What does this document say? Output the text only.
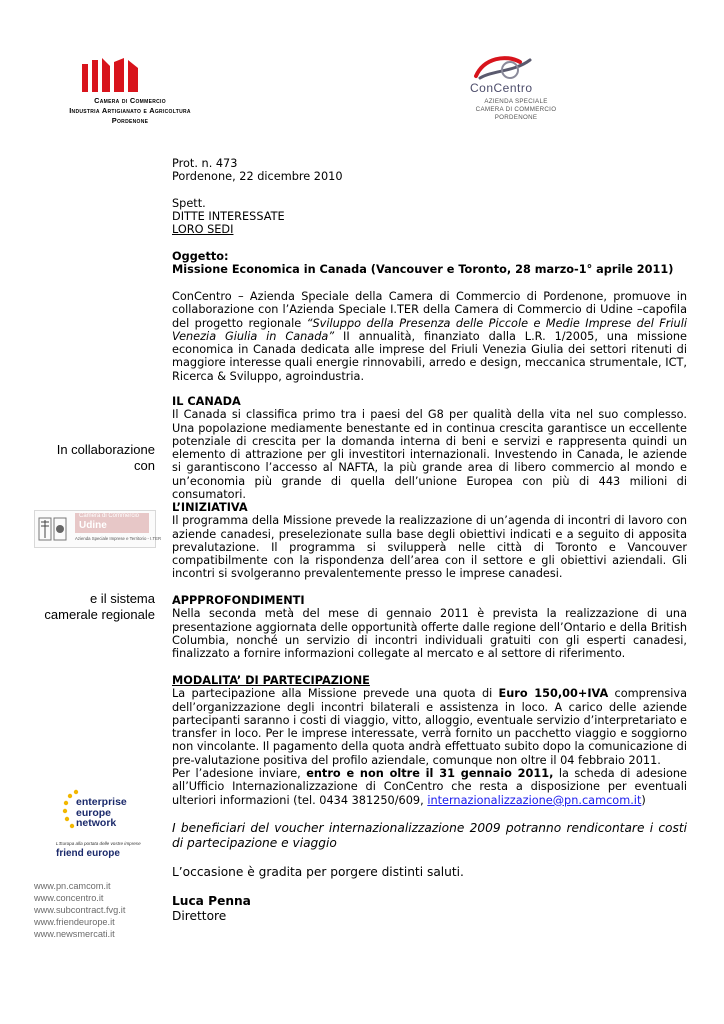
Camera di Commercio
Industria Artigianato e Agricoltura
Pordenone
ConCentro
AZIENDA SPECIALE
CAMERA DI COMMERCIO
PORDENONE

Prot. n. 473

Pordenone, 22 dicembre 2010

Spett.

DITTE INTERESSATE

LORO SEDI

Oggetto:

Missione Economica in Canada (Vancouver e Toronto, 28 marzo-1° aprile 2011)

ConCentro – Azienda Speciale della Camera di Commercio di Pordenone, promuove in collaborazione con l’Azienda Speciale I.TER della Camera di Commercio di Udine –capofila del progetto regionale “Sviluppo della Presenza delle Piccole e Medie Imprese del Friuli Venezia Giulia in Canada” II annualità, finanziato dalla L.R. 1/2005, una missione economica in Canada dedicata alle imprese del Friuli Venezia Giulia dei settori ritenuti di maggiore interesse quali energie rinnovabili, arredo e design, meccanica strumentale, ICT, Ricerca & Sviluppo, agroindustria.

IL CANADA

Il Canada si classifica primo tra i paesi del G8 per qualità della vita nel suo complesso. Una popolazione mediamente benestante ed in continua crescita garantisce un eccellente potenziale di crescita per la domanda interna di beni e servizi e rappresenta quindi un elemento di attrazione per gli investitori internazionali. Investendo in Canada, le aziende si garantiscono l’accesso al NAFTA, la più grande area di libero commercio al mondo e un’economia più grande di quella dell’unione Europea con più di 443 milioni di consumatori.

L’INIZIATIVA

Il programma della Missione prevede la realizzazione di un’agenda di incontri di lavoro con aziende canadesi, preselezionate sulla base degli obiettivi indicati e a seguito di apposita prevalutazione. Il programma si svilupperà nelle città di Toronto e Vancouver compatibilmente con la rispondenza dell’area con il settore e gli obiettivi aziendali. Gli incontri si svolgeranno prevalentemente presso le imprese canadesi.

APPPROFONDIMENTI

Nella seconda metà del mese di gennaio 2011 è prevista la realizzazione di una presentazione aggiornata delle opportunità offerte dalle regione dell’Ontario e della British Columbia, nonché un servizio di incontri individuali gratuiti con gli esperti canadesi, finalizzato a fornire informazioni collegate al mercato e al settore di riferimento.

MODALITA’ DI PARTECIPAZIONE

La partecipazione alla Missione prevede una quota di Euro 150,00+IVA comprensiva dell’organizzazione degli incontri bilaterali e assistenza in loco. A carico delle aziende partecipanti saranno i costi di viaggio, vitto, alloggio, eventuale servizio d’interpretariato e transfer in loco. Per le imprese interessate, verrà fornito un pacchetto viaggio e soggiorno non vincolante. Il pagamento della quota andrà effettuato subito dopo la comunicazione di pre-valutazione positiva del profilo aziendale, comunque non oltre il 04 febbraio 2011.

Per l’adesione inviare, entro e non oltre il 31 gennaio 2011, la scheda di adesione all’Ufficio Internazionalizzazione di ConCentro che resta a disposizione per eventuali ulteriori informazioni (tel. 0434 381250/609, internazionalizzazione@pn.camcom.it)

I beneficiari del voucher internazionalizzazione 2009 potranno rendicontare i costi di partecipazione e viaggio

L’occasione è gradita per porgere distinti saluti.

Luca Penna

Direttore

In collaborazione
con
Camera di Commercio
Udine
Azienda Speciale Imprese e Territorio - I.TER
e il sistema
camerale regionale
enterprise
europe
network
L'Europa alla portata delle vostre imprese
friend europe
www.pn.camcom.it
www.concentro.it
www.subcontract.fvg.it
www.friendeurope.it
www.newsmercati.it
